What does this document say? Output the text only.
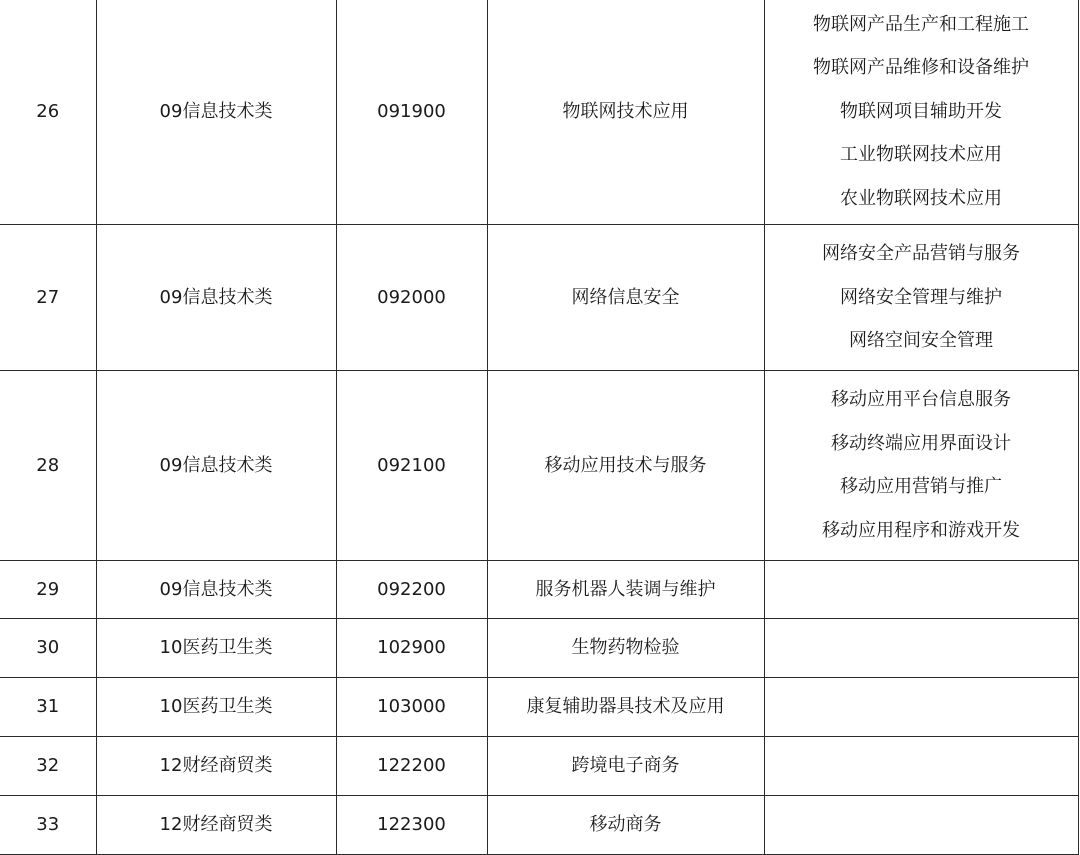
26	09信息技术类	091900	物联网技术应用	物联网产品生产和工程施工
物联网产品维修和设备维护
物联网项目辅助开发
工业物联网技术应用
农业物联网技术应用

27	09信息技术类	092000	网络信息安全	网络安全产品营销与服务
网络安全管理与维护
网络空间安全管理

28	09信息技术类	092100	移动应用技术与服务	移动应用平台信息服务
移动终端应用界面设计
移动应用营销与推广
移动应用程序和游戏开发

29	09信息技术类	092200	服务机器人装调与维护	
30	10医药卫生类	102900	生物药物检验	
31	10医药卫生类	103000	康复辅助器具技术及应用	
32	12财经商贸类	122200	跨境电子商务	
33	12财经商贸类	122300	移动商务	
